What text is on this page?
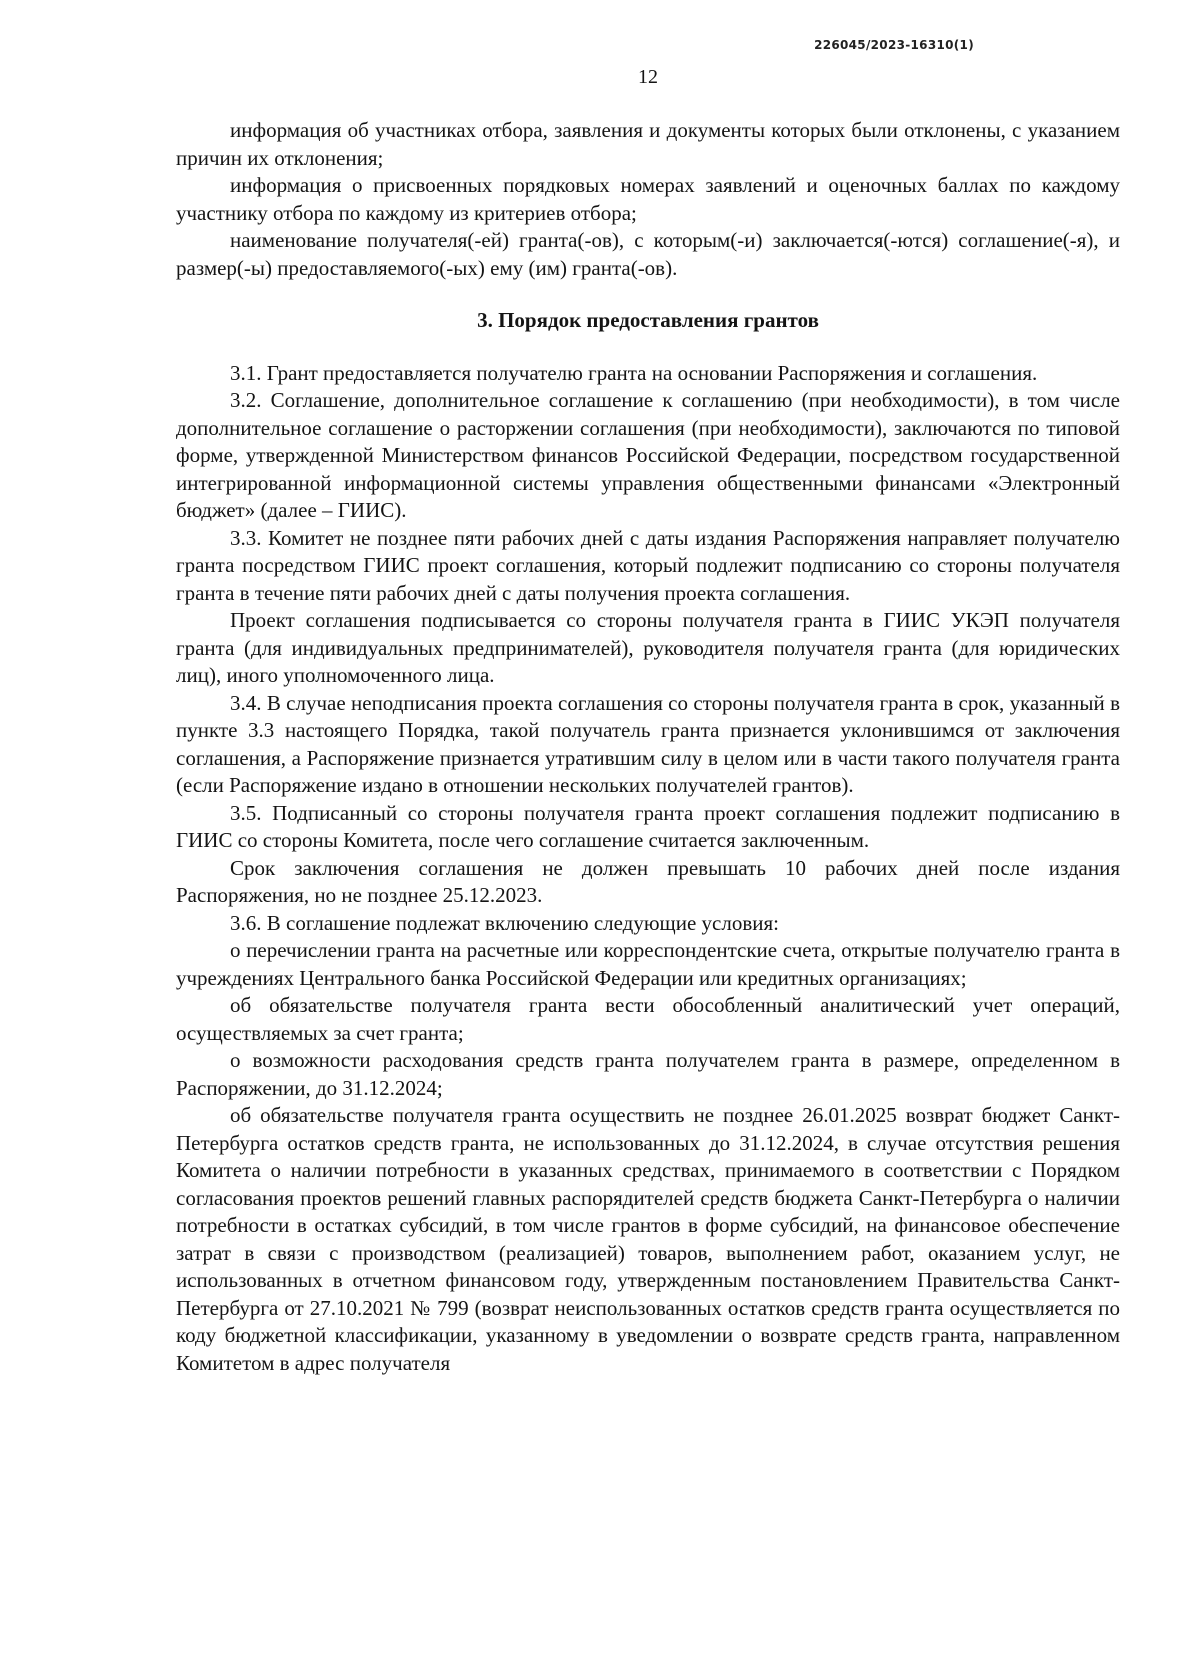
226045/2023-16310(1)
12

информация об участниках отбора, заявления и документы которых были отклонены, с указанием причин их отклонения;

информация о присвоенных порядковых номерах заявлений и оценочных баллах по каждому участнику отбора по каждому из критериев отбора;

наименование получателя(-ей) гранта(-ов), с которым(-и) заключается(-ются) соглашение(-я), и размер(-ы) предоставляемого(-ых) ему (им) гранта(-ов).

3. Порядок предоставления грантов

3.1. Грант предоставляется получателю гранта на основании Распоряжения и соглашения.

3.2. Соглашение, дополнительное соглашение к соглашению (при необходимости), в том числе дополнительное соглашение о расторжении соглашения (при необходимости), заключаются по типовой форме, утвержденной Министерством финансов Российской Федерации, посредством государственной интегрированной информационной системы управления общественными финансами «Электронный бюджет» (далее – ГИИС).

3.3. Комитет не позднее пяти рабочих дней с даты издания Распоряжения направляет получателю гранта посредством ГИИС проект соглашения, который подлежит подписанию со стороны получателя гранта в течение пяти рабочих дней с даты получения проекта соглашения.

Проект соглашения подписывается со стороны получателя гранта в ГИИС УКЭП получателя гранта (для индивидуальных предпринимателей), руководителя получателя гранта (для юридических лиц), иного уполномоченного лица.

3.4. В случае неподписания проекта соглашения со стороны получателя гранта в срок, указанный в пункте 3.3 настоящего Порядка, такой получатель гранта признается уклонившимся от заключения соглашения, а Распоряжение признается утратившим силу в целом или в части такого получателя гранта (если Распоряжение издано в отношении нескольких получателей грантов).

3.5. Подписанный со стороны получателя гранта проект соглашения подлежит подписанию в ГИИС со стороны Комитета, после чего соглашение считается заключенным.

Срок заключения соглашения не должен превышать 10 рабочих дней после издания Распоряжения, но не позднее 25.12.2023.

3.6. В соглашение подлежат включению следующие условия:

о перечислении гранта на расчетные или корреспондентские счета, открытые получателю гранта в учреждениях Центрального банка Российской Федерации или кредитных организациях;

об обязательстве получателя гранта вести обособленный аналитический учет операций, осуществляемых за счет гранта;

о возможности расходования средств гранта получателем гранта в размере, определенном в Распоряжении, до 31.12.2024;

об обязательстве получателя гранта осуществить не позднее 26.01.2025 возврат бюджет Санкт-Петербурга остатков средств гранта, не использованных до 31.12.2024, в случае отсутствия решения Комитета о наличии потребности в указанных средствах, принимаемого в соответствии с Порядком согласования проектов решений главных распорядителей средств бюджета Санкт-Петербурга о наличии потребности в остатках субсидий, в том числе грантов в форме субсидий, на финансовое обеспечение затрат в связи с производством (реализацией) товаров, выполнением работ, оказанием услуг, не использованных в отчетном финансовом году, утвержденным постановлением Правительства Санкт-Петербурга от 27.10.2021 № 799 (возврат неиспользованных остатков средств гранта осуществляется по коду бюджетной классификации, указанному в уведомлении о возврате средств гранта, направленном Комитетом в адрес получателя
